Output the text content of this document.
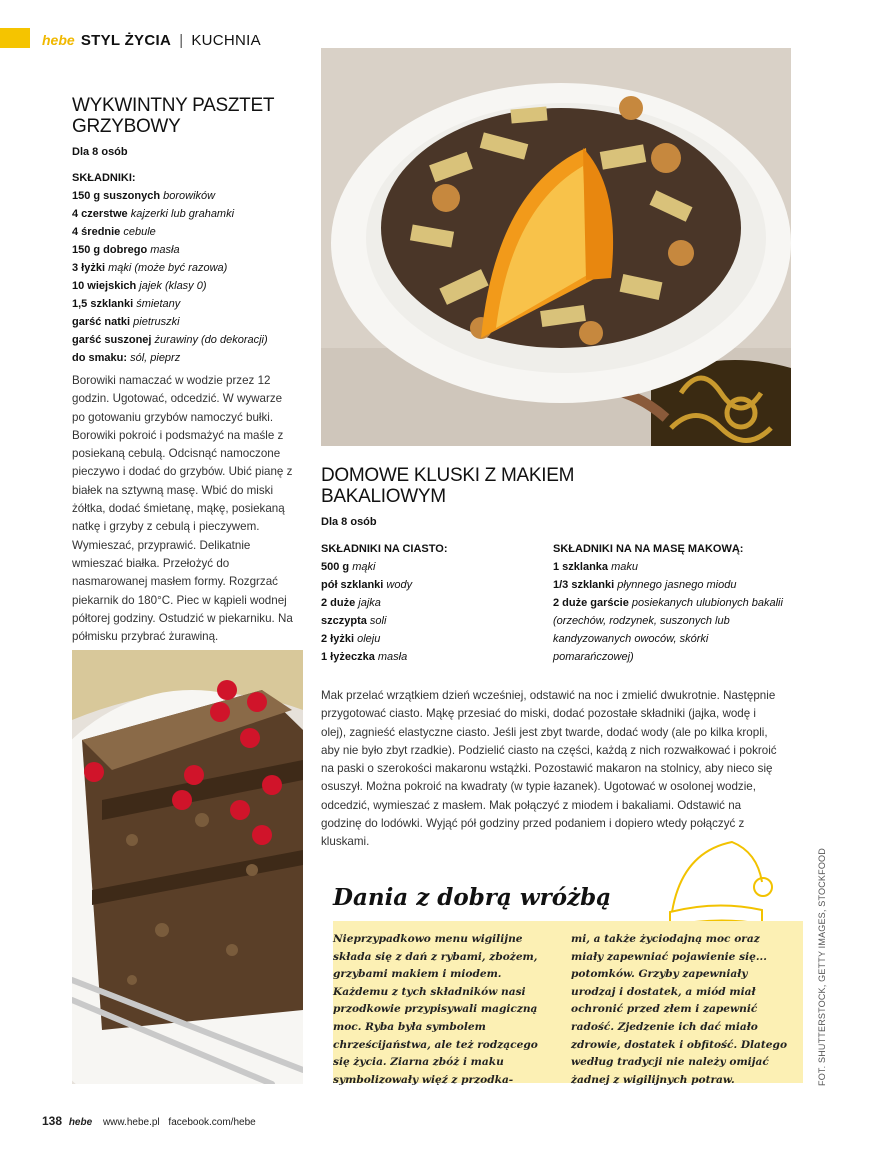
hebe STYL ŻYCIA | KUCHNIA
WYKWINTNY PASZTET GRZYBOWY
Dla 8 osób
SKŁADNIKI:
150 g suszonych borowików
4 czerstwe kajzerki lub grahamki
4 średnie cebule
150 g dobrego masła
3 łyżki mąki (może być razowa)
10 wiejskich jajek (klasy 0)
1,5 szklanki śmietany
garść natki pietruszki
garść suszonej żurawiny (do dekoracji)
do smaku: sól, pieprz

Borowiki namaczać w wodzie przez 12 godzin. Ugotować, odcedzić. W wywarze po gotowaniu grzybów namoczyć bułki. Borowiki pokroić i podsmażyć na maśle z posiekaną cebulą. Odcisnąć namoczone pieczywo i dodać do grzybów. Ubić pianę z białek na sztywną masę. Wbić do miski żółtka, dodać śmietanę, mąkę, posiekaną natkę i grzyby z cebulą i pieczywem. Wymieszać, przyprawić. Delikatnie wmieszać białka. Przełożyć do nasmarowanej masłem formy. Rozgrzać piekarnik do 180°C. Piec w kąpieli wodnej półtorej godziny. Ostudzić w piekarniku. Na półmisku przybrać żurawiną.

DOMOWE KLUSKI Z MAKIEM BAKALIOWYM
Dla 8 osób
SKŁADNIKI NA CIASTO:
500 g mąki
pół szklanki wody
2 duże jajka
szczypta soli
2 łyżki oleju
1 łyżeczka masła
SKŁADNIKI NA NA MASĘ MAKOWĄ:
1 szklanka maku
1/3 szklanki płynnego jasnego miodu
2 duże garście posiekanych ulubionych bakalii (orzechów, rodzynek, suszonych lub kandyzowanych owoców, skórki pomarańczowej)

Mak przelać wrzątkiem dzień wcześniej, odstawić na noc i zmielić dwukrotnie. Następnie przygotować ciasto. Mąkę przesiać do miski, dodać pozostałe składniki (jajka, wodę i olej), zagnieść elastyczne ciasto. Jeśli jest zbyt twarde, dodać wody (ale po kilka kropli, aby nie było zbyt rzadkie). Podzielić ciasto na części, każdą z nich rozwałkować i pokroić na paski o szerokości makaronu wstążki. Pozostawić makaron na stolnicy, aby nieco się osuszył. Można pokroić na kwadraty (w typie łazanek). Ugotować w osolonej wodzie, odcedzić, wymieszać z masłem. Mak połączyć z miodem i bakaliami. Odstawić na godzinę do lodówki. Wyjąć pół godziny przed podaniem i dopiero wtedy połączyć z kluskami.

Dania z dobrą wróżbą

Nieprzypadkowo menu wigilijne składa się z dań z rybami, zbożem, grzybami makiem i miodem. Każdemu z tych składników nasi przodkowie przypisywali magiczną moc. Ryba była symbolem chrześcijaństwa, ale też rodzącego się życia. Ziarna zbóż i maku symbolizowały więź z przodka-

mi, a także życiodajną moc oraz miały zapewniać pojawienie się... potomków. Grzyby zapewniały urodzaj i dostatek, a miód miał ochronić przed złem i zapewnić radość. Zjedzenie ich dać miało zdrowie, dostatek i obfitość. Dlatego według tradycji nie należy omijać żadnej z wigilijnych potraw.	FOT. SHUTTERSTOCK, GETTY IMAGES, STOCKFOOD
138 hebe www.hebe.pl facebook.com/hebe
